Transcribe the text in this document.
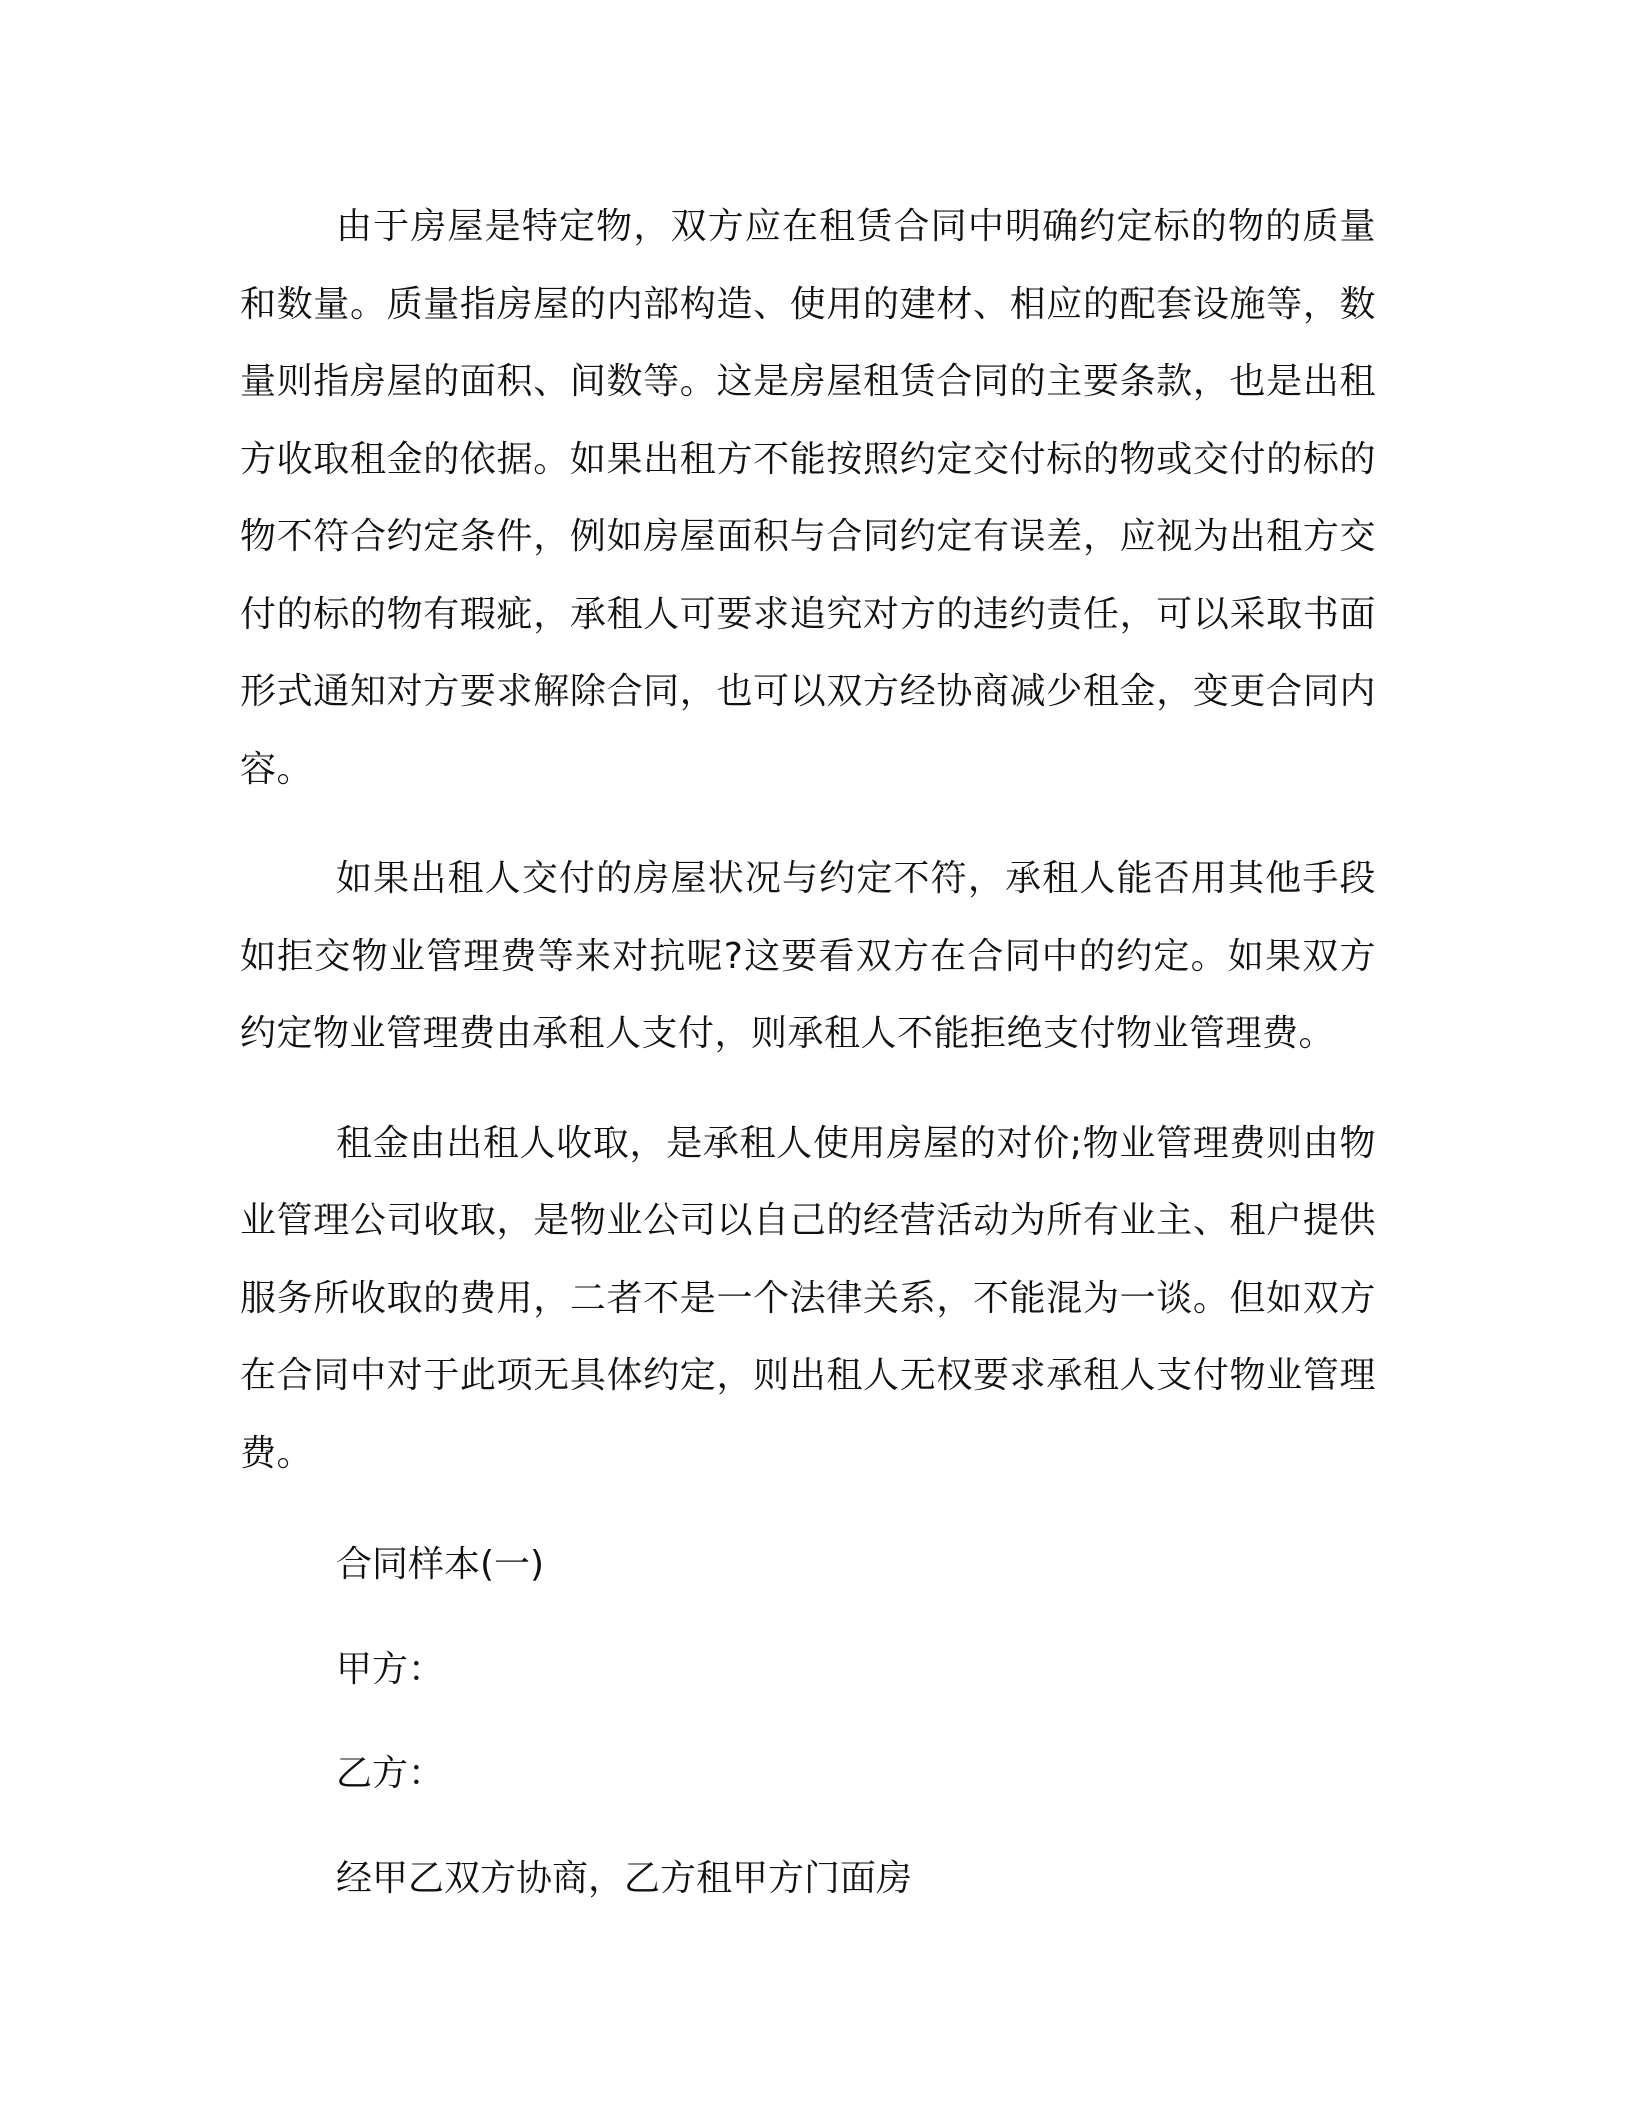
由于房屋是特定物，双方应在租赁合同中明确约定标的物的质量和数量。质量指房屋的内部构造、使用的建材、相应的配套设施等，数量则指房屋的面积、间数等。这是房屋租赁合同的主要条款，也是出租方收取租金的依据。如果出租方不能按照约定交付标的物或交付的标的物不符合约定条件，例如房屋面积与合同约定有误差，应视为出租方交付的标的物有瑕疵，承租人可要求追究对方的违约责任，可以采取书面形式通知对方要求解除合同，也可以双方经协商减少租金，变更合同内容。

如果出租人交付的房屋状况与约定不符，承租人能否用其他手段如拒交物业管理费等来对抗呢?这要看双方在合同中的约定。如果双方约定物业管理费由承租人支付，则承租人不能拒绝支付物业管理费。

租金由出租人收取，是承租人使用房屋的对价;物业管理费则由物业管理公司收取，是物业公司以自己的经营活动为所有业主、租户提供服务所收取的费用，二者不是一个法律关系，不能混为一谈。但如双方在合同中对于此项无具体约定，则出租人无权要求承租人支付物业管理费。

合同样本(一)

甲方：

乙方：

经甲乙双方协商，乙方租甲方门面房
